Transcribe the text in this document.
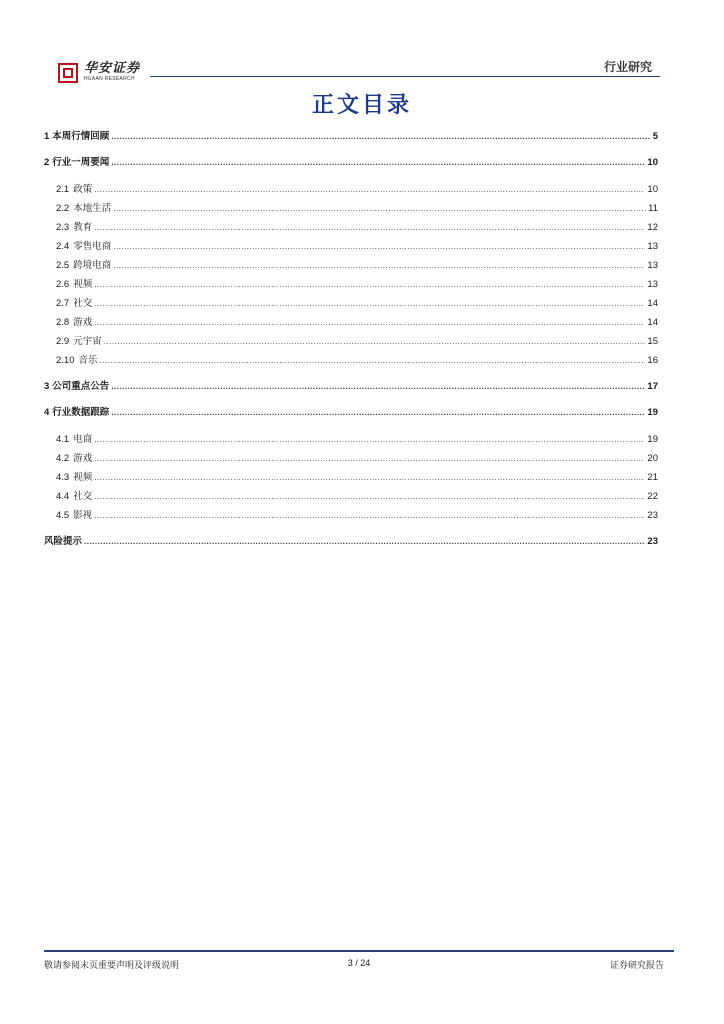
华安证券
HUAAN RESEARCH
行业研究
正文目录
1 本周行情回顾 .....	5
2 行业一周要闻 .....	10
2.1 政策 .....	10
2.2 本地生活 .....	11
2.3 教育 .....	12
2.4 零售电商 .....	13
2.5 跨境电商 .....	13
2.6 视频 .....	13
2.7 社交 .....	14
2.8 游戏 .....	14
2.9 元宇宙 .....	15
2.10 音乐 .....	16
3 公司重点公告 .....	17
4 行业数据跟踪 .....	19
4.1 电商 .....	19
4.2 游戏 .....	20
4.3 视频 .....	21
4.4 社交 .....	22
4.5 影视 .....	23
风险提示 .....	23
敬请参阅末页重要声明及评级说明	3 / 24	证券研究报告
